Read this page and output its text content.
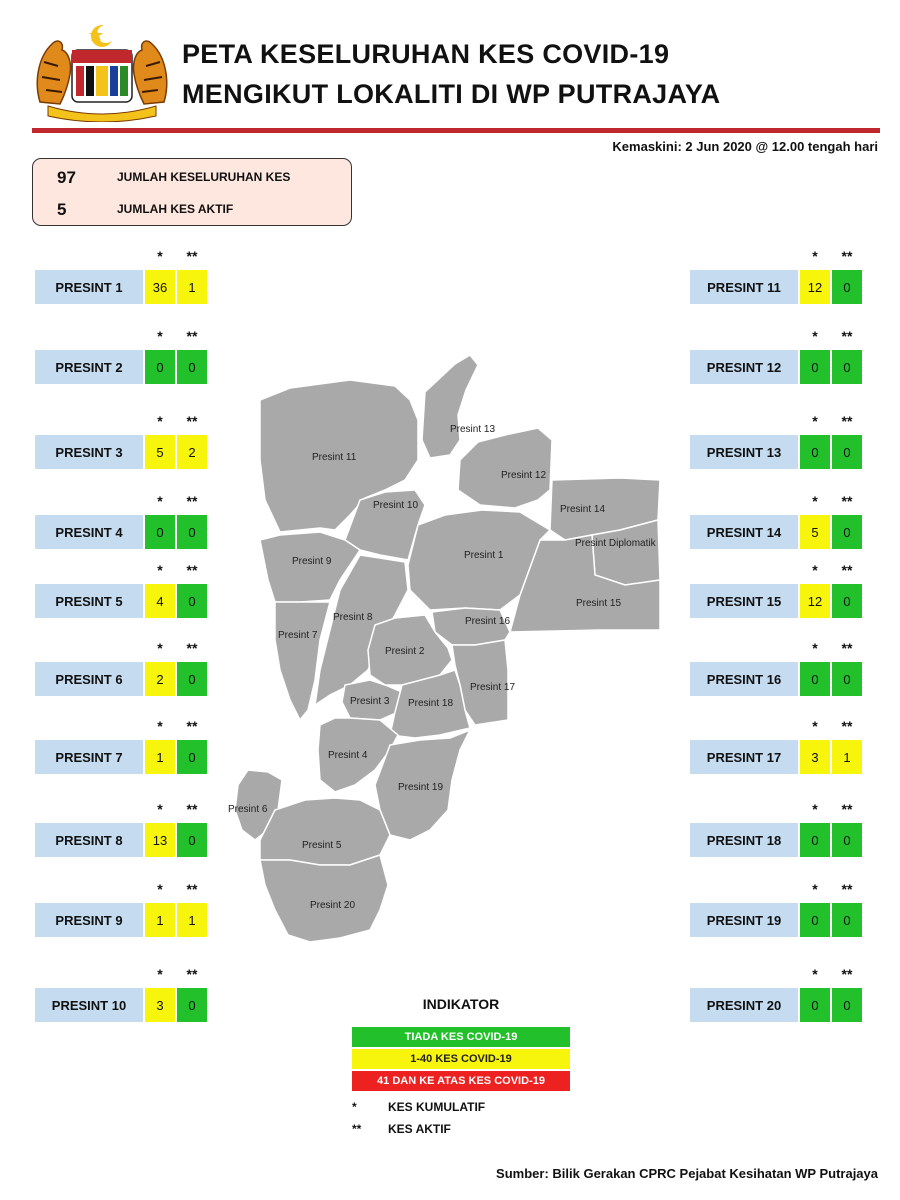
PETA KESELURUHAN KES COVID-19
MENGIKUT LOKALITI DI WP PUTRAJAYA
Kemaskini: 2 Jun 2020 @ 12.00 tengah hari
97	JUMLAH KESELURUHAN KES
5	JUMLAH KES AKTIF
PRESINT 1
*	**
36	1
PRESINT 2
*	**
0	0
PRESINT 3
*	**
5	2
PRESINT 4
*	**
0	0
PRESINT 5
*	**
4	0
PRESINT 6
*	**
2	0
PRESINT 7
*	**
1	0
PRESINT 8
*	**
13	0
PRESINT 9
*	**
1	1
PRESINT 10
*	**
3	0
PRESINT 11
*	**
12	0
PRESINT 12
*	**
0	0
PRESINT 13
*	**
0	0
PRESINT 14
*	**
5	0
PRESINT 15
*	**
12	0
PRESINT 16
*	**
0	0
PRESINT 17
*	**
3	1
PRESINT 18
*	**
0	0
PRESINT 19
*	**
0	0
PRESINT 20
*	**
0	0
Presint 11
Presint 13
Presint 12
Presint 14
Presint Diplomatik
Presint 15
Presint 1
Presint 10
Presint 9
Presint 8
Presint 7
Presint 16
Presint 2
Presint 17
Presint 3 Presint 18
Presint 4
Presint 19
Presint 6
Presint 5
Presint 20
INDIKATOR
TIADA KES COVID-19
1-40 KES COVID-19
41 DAN KE ATAS KES COVID-19
*	KES KUMULATIF
** KES AKTIF
Sumber: Bilik Gerakan CPRC Pejabat Kesihatan WP Putrajaya
